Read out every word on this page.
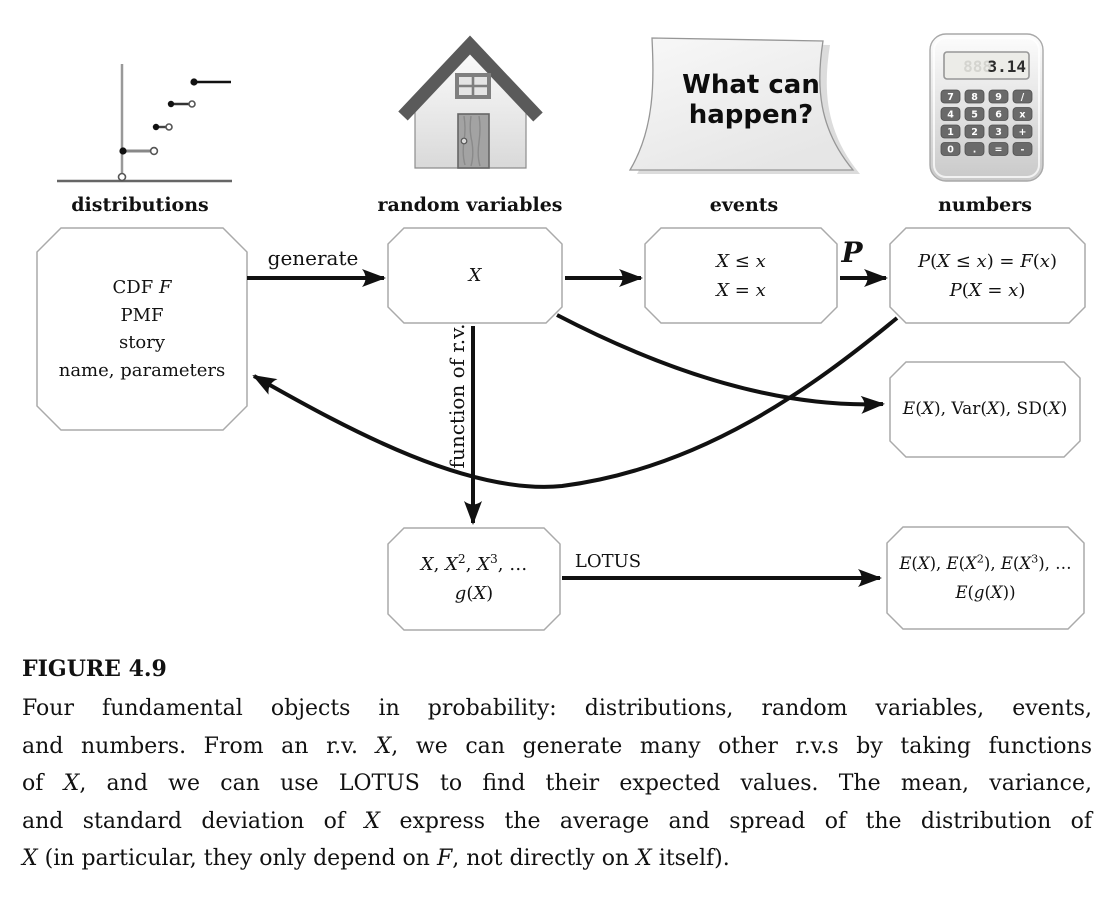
888
3.14
7 8 9 /
4 5 6 x
1 2 3 +
0 . = -
What can
happen?
distributions	random variables	events	numbers
CDF F
PMF
story
name, parameters
X
X ≤ x
X = x
P(X ≤ x) = F(x)
P(X = x)
E(X), Var(X), SD(X)
X, $X^2$, $X^3$, …
g(X)
E(X), $E(X^2)$, $E(X^3)$, …
E(g(X))
generate	P
function of r.v.
LOTUS
FIGURE 4.9
Four fundamental objects in probability: distributions, random variables, events,
and numbers. From an r.v. X, we can generate many other r.v.s by taking functions
of X, and we can use LOTUS to find their expected values. The mean, variance,
and standard deviation of X express the average and spread of the distribution of
X (in particular, they only depend on F, not directly on X itself).
